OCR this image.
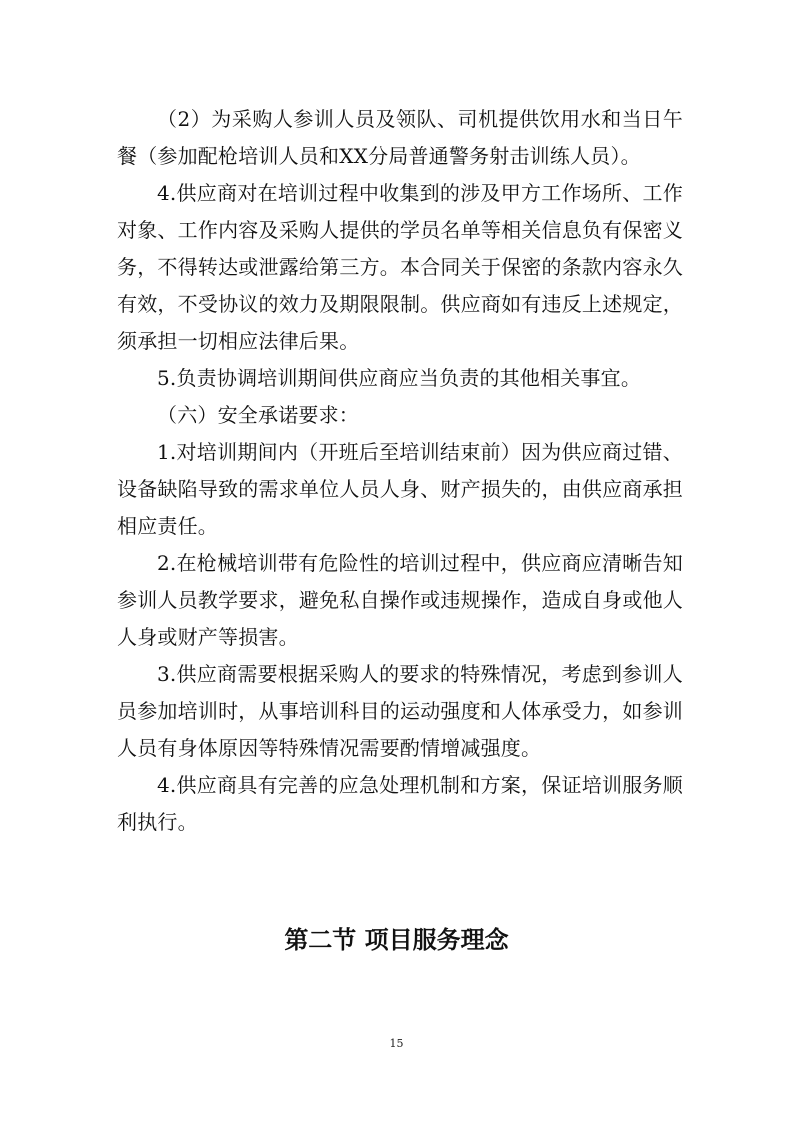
（2）为采购人参训人员及领队、司机提供饮用水和当日午餐（参加配枪培训人员和XX分局普通警务射击训练人员）。

4.供应商对在培训过程中收集到的涉及甲方工作场所、工作对象、工作内容及采购人提供的学员名单等相关信息负有保密义务，不得转达或泄露给第三方。本合同关于保密的条款内容永久有效，不受协议的效力及期限限制。供应商如有违反上述规定，须承担一切相应法律后果。

5.负责协调培训期间供应商应当负责的其他相关事宜。

（六）安全承诺要求：

1.对培训期间内（开班后至培训结束前）因为供应商过错、设备缺陷导致的需求单位人员人身、财产损失的，由供应商承担相应责任。

2.在枪械培训带有危险性的培训过程中，供应商应清晰告知参训人员教学要求，避免私自操作或违规操作，造成自身或他人人身或财产等损害。

3.供应商需要根据采购人的要求的特殊情况，考虑到参训人员参加培训时，从事培训科目的运动强度和人体承受力，如参训人员有身体原因等特殊情况需要酌情增减强度。

4.供应商具有完善的应急处理机制和方案，保证培训服务顺利执行。

第二节 项目服务理念
15
